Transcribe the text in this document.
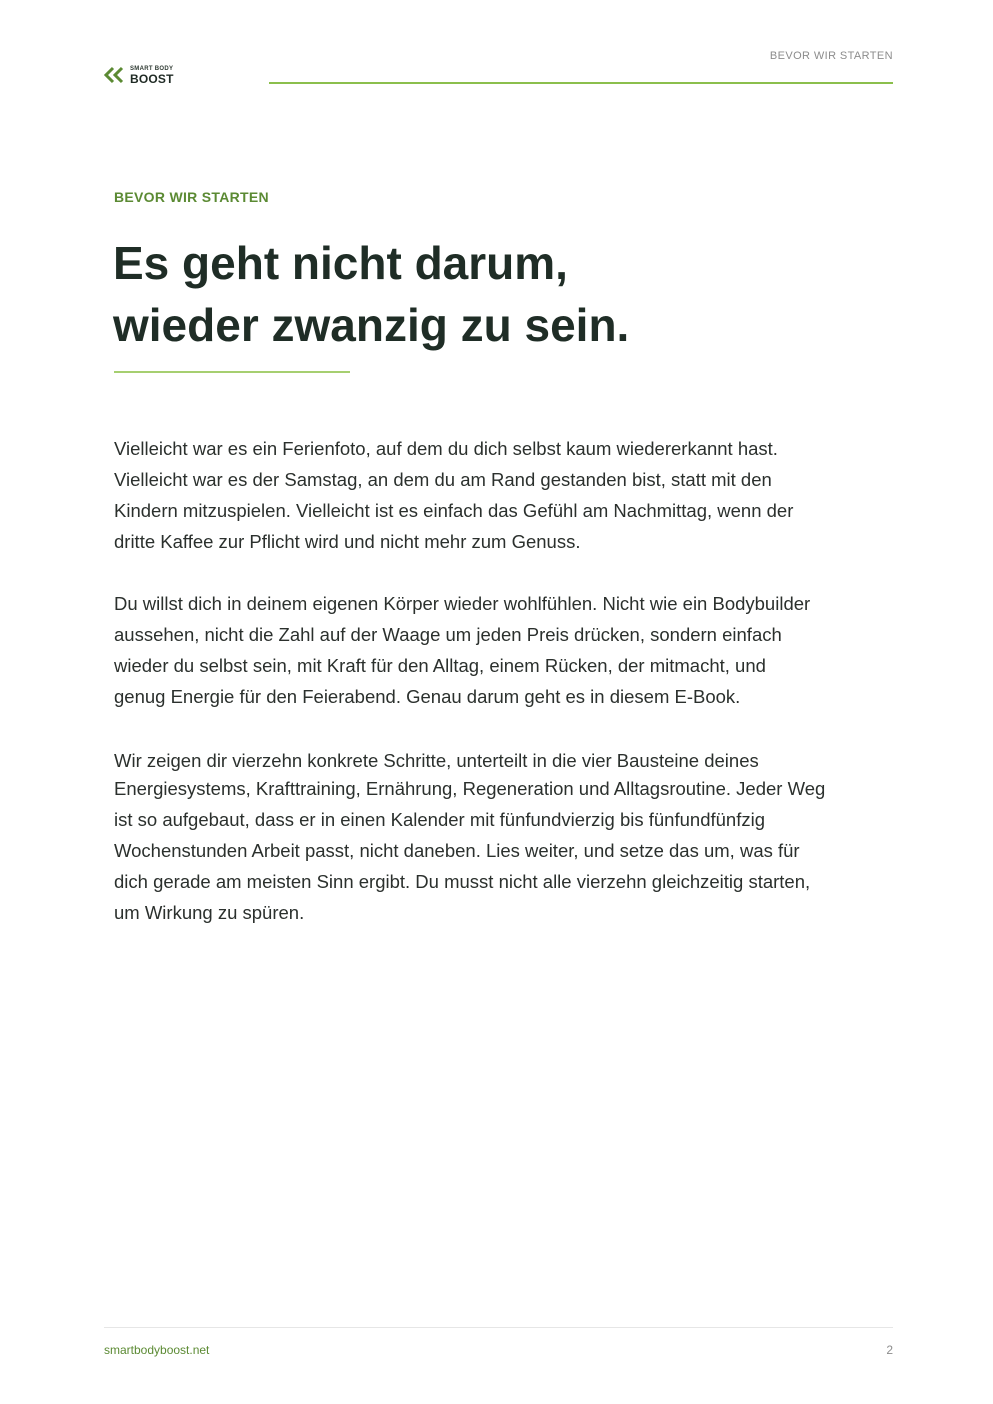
SMART BODY
BOOST
BEVOR WIR STARTEN
BEVOR WIR STARTEN
Es geht nicht darum,
wieder zwanzig zu sein.

Vielleicht war es ein Ferienfoto, auf dem du dich selbst kaum wiedererkannt hast.
Vielleicht war es der Samstag, an dem du am Rand gestanden bist, statt mit den
Kindern mitzuspielen. Vielleicht ist es einfach das Gefühl am Nachmittag, wenn der
dritte Kaffee zur Pflicht wird und nicht mehr zum Genuss.

Du willst dich in deinem eigenen Körper wieder wohlfühlen. Nicht wie ein Bodybuilder
aussehen, nicht die Zahl auf der Waage um jeden Preis drücken, sondern einfach
wieder du selbst sein, mit Kraft für den Alltag, einem Rücken, der mitmacht, und
genug Energie für den Feierabend. Genau darum geht es in diesem E-Book.

Wir zeigen dir vierzehn konkrete Schritte, unterteilt in die vier Bausteine deines
Energiesystems, Krafttraining, Ernährung, Regeneration und Alltagsroutine. Jeder Weg
ist so aufgebaut, dass er in einen Kalender mit fünfundvierzig bis fünfundfünfzig
Wochenstunden Arbeit passt, nicht daneben. Lies weiter, und setze das um, was für
dich gerade am meisten Sinn ergibt. Du musst nicht alle vierzehn gleichzeitig starten,
um Wirkung zu spüren.

smartbodyboost.net	2
